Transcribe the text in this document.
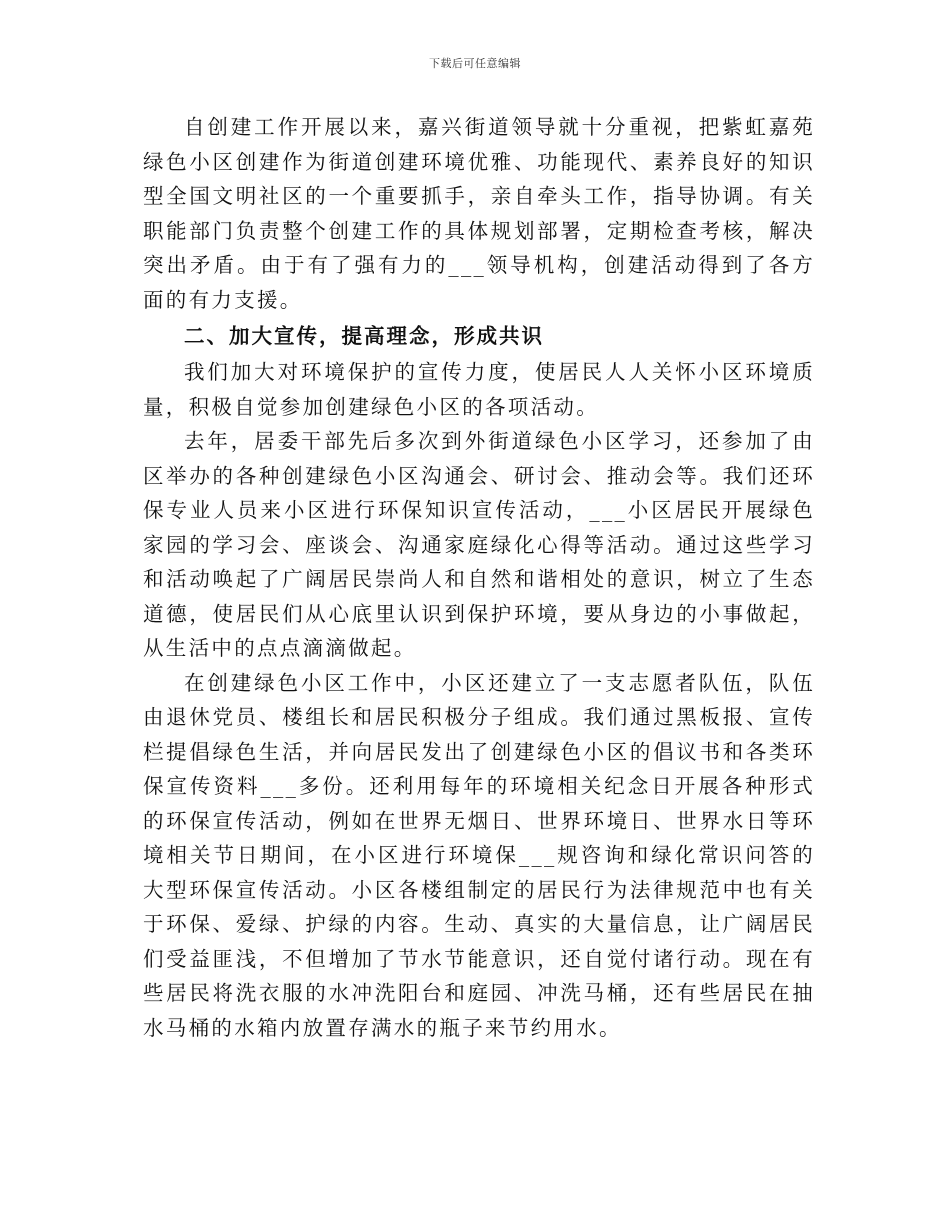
下载后可任意编辑

自创建工作开展以来，嘉兴街道领导就十分重视，把紫虹嘉苑绿色小区创建作为街道创建环境优雅、功能现代、素养良好的知识型全国文明社区的一个重要抓手，亲自牵头工作，指导协调。有关职能部门负责整个创建工作的具体规划部署，定期检查考核，解决突出矛盾。由于有了强有力的___领导机构，创建活动得到了各方面的有力支援。

二、加大宣传，提高理念，形成共识

我们加大对环境保护的宣传力度，使居民人人关怀小区环境质量，积极自觉参加创建绿色小区的各项活动。

去年，居委干部先后多次到外街道绿色小区学习，还参加了由区举办的各种创建绿色小区沟通会、研讨会、推动会等。我们还环保专业人员来小区进行环保知识宣传活动，___小区居民开展绿色家园的学习会、座谈会、沟通家庭绿化心得等活动。通过这些学习和活动唤起了广阔居民崇尚人和自然和谐相处的意识，树立了生态道德，使居民们从心底里认识到保护环境，要从身边的小事做起，从生活中的点点滴滴做起。

在创建绿色小区工作中，小区还建立了一支志愿者队伍，队伍由退休党员、楼组长和居民积极分子组成。我们通过黑板报、宣传栏提倡绿色生活，并向居民发出了创建绿色小区的倡议书和各类环保宣传资料___多份。还利用每年的环境相关纪念日开展各种形式的环保宣传活动，例如在世界无烟日、世界环境日、世界水日等环境相关节日期间，在小区进行环境保___规咨询和绿化常识问答的大型环保宣传活动。小区各楼组制定的居民行为法律规范中也有关于环保、爱绿、护绿的内容。生动、真实的大量信息，让广阔居民们受益匪浅，不但增加了节水节能意识，还自觉付诸行动。现在有些居民将洗衣服的水冲洗阳台和庭园、冲洗马桶，还有些居民在抽水马桶的水箱内放置存满水的瓶子来节约用水。
